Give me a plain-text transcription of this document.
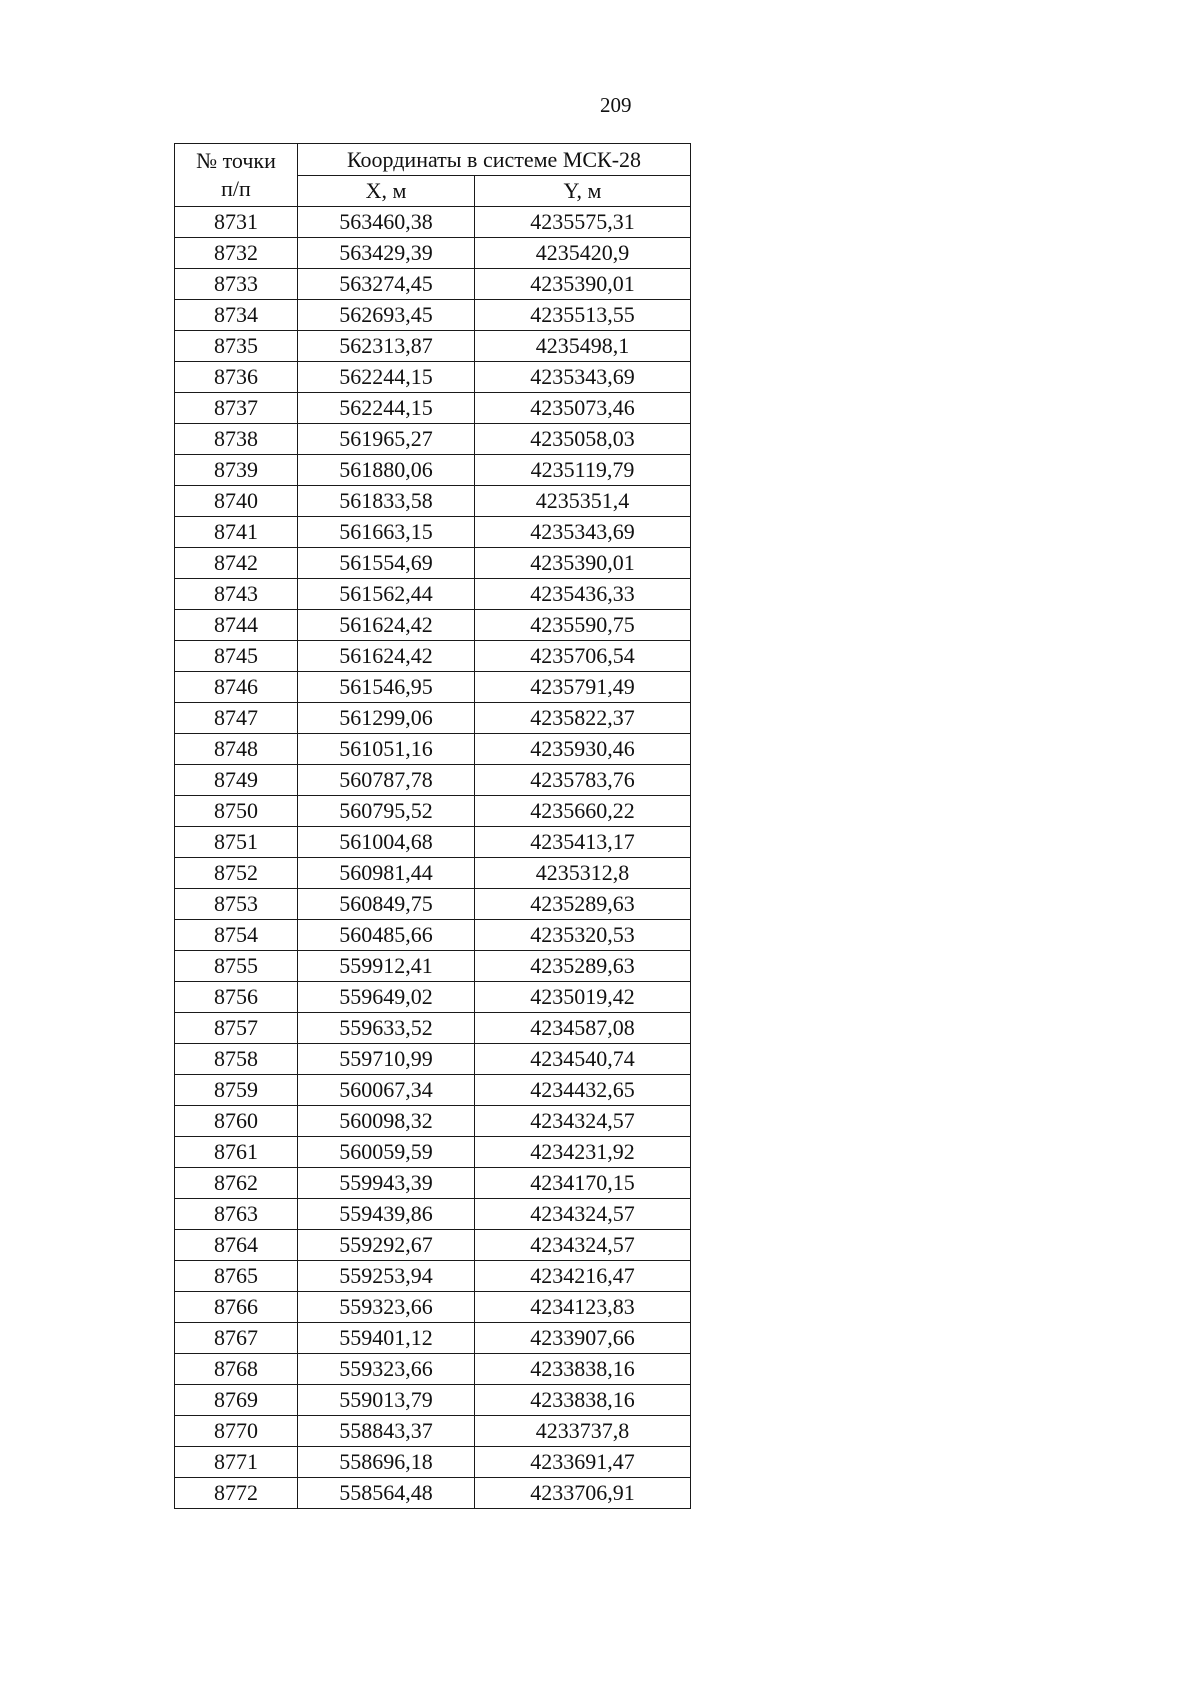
209
№ точки
п/п	Координаты в системе МСК-28	
	X, м	Y, м
8731	563460,38	4235575,31
8732	563429,39	4235420,9
8733	563274,45	4235390,01
8734	562693,45	4235513,55
8735	562313,87	4235498,1
8736	562244,15	4235343,69
8737	562244,15	4235073,46
8738	561965,27	4235058,03
8739	561880,06	4235119,79
8740	561833,58	4235351,4
8741	561663,15	4235343,69
8742	561554,69	4235390,01
8743	561562,44	4235436,33
8744	561624,42	4235590,75
8745	561624,42	4235706,54
8746	561546,95	4235791,49
8747	561299,06	4235822,37
8748	561051,16	4235930,46
8749	560787,78	4235783,76
8750	560795,52	4235660,22
8751	561004,68	4235413,17
8752	560981,44	4235312,8
8753	560849,75	4235289,63
8754	560485,66	4235320,53
8755	559912,41	4235289,63
8756	559649,02	4235019,42
8757	559633,52	4234587,08
8758	559710,99	4234540,74
8759	560067,34	4234432,65
8760	560098,32	4234324,57
8761	560059,59	4234231,92
8762	559943,39	4234170,15
8763	559439,86	4234324,57
8764	559292,67	4234324,57
8765	559253,94	4234216,47
8766	559323,66	4234123,83
8767	559401,12	4233907,66
8768	559323,66	4233838,16
8769	559013,79	4233838,16
8770	558843,37	4233737,8
8771	558696,18	4233691,47
8772	558564,48	4233706,91
